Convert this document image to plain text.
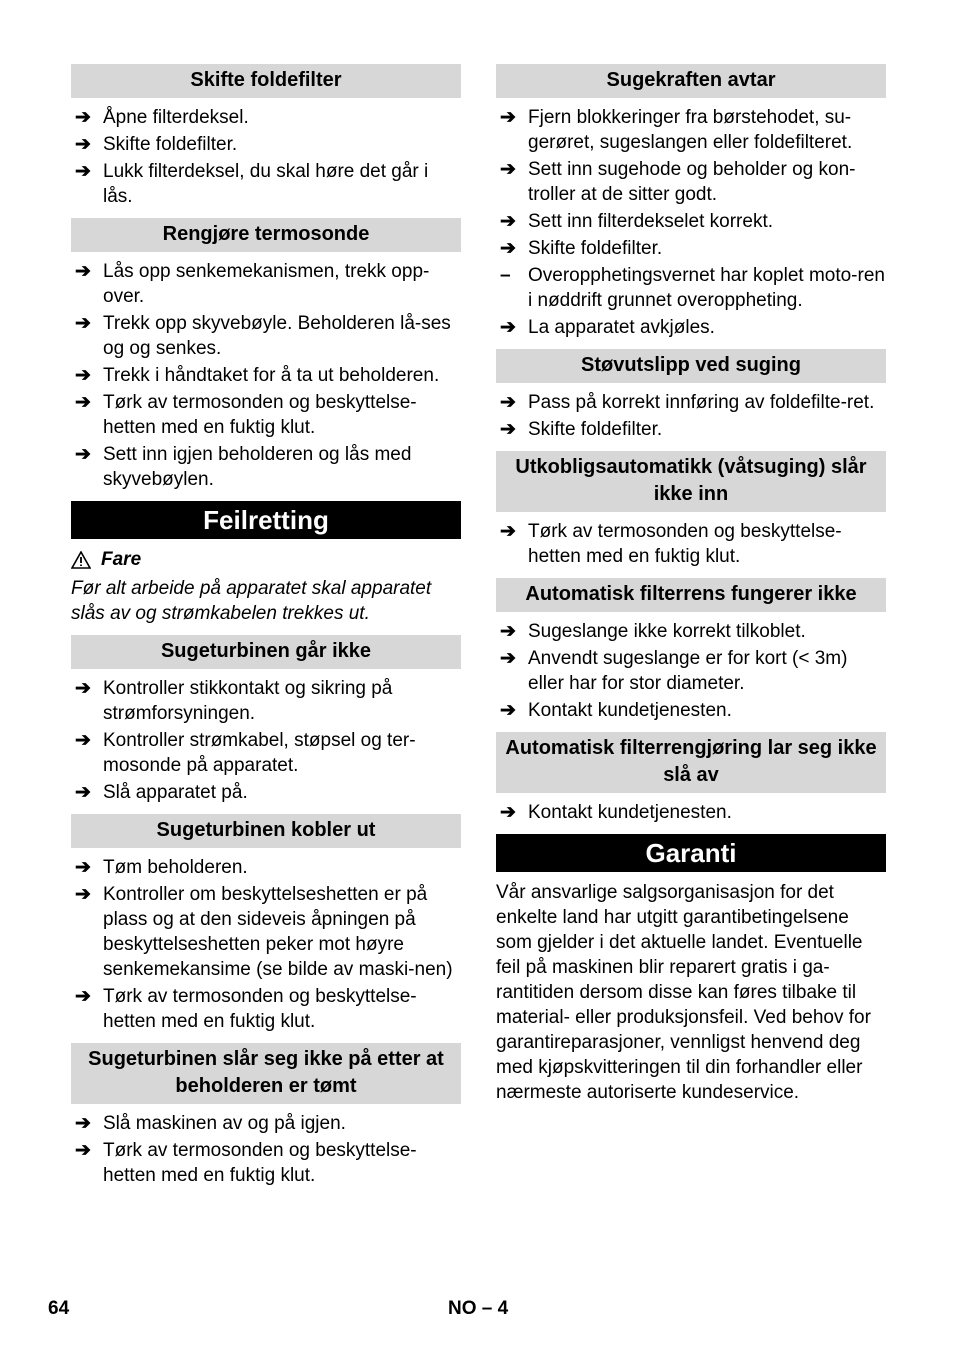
Skifte foldefilter
➔ Åpne filterdeksel.
➔ Skifte foldefilter.
➔ Lukk filterdeksel, du skal høre det går i lås.
Rengjøre termosonde
➔ Lås opp senkemekanismen, trekk opp-over.
➔ Trekk opp skyvebøyle. Beholderen lå-ses og og senkes.
➔ Trekk i håndtaket for å ta ut beholderen.
➔ Tørk av termosonden og beskyttelse-hetten med en fuktig klut.
➔ Sett inn igjen beholderen og lås med skyvebøylen.
Feilretting
Fare
Før alt arbeide på apparatet skal apparatet slås av og strømkabelen trekkes ut.
Sugeturbinen går ikke
➔ Kontroller stikkontakt og sikring på strømforsyningen.
➔ Kontroller strømkabel, støpsel og ter-mosonde på apparatet.
➔ Slå apparatet på.
Sugeturbinen kobler ut
➔ Tøm beholderen.
➔ Kontroller om beskyttelseshetten er på plass og at den sideveis åpningen på beskyttelseshetten peker mot høyre senkemekansime (se bilde av maski-nen)
➔ Tørk av termosonden og beskyttelse-hetten med en fuktig klut.
Sugeturbinen slår seg ikke på etter at beholderen er tømt
➔ Slå maskinen av og på igjen.
➔ Tørk av termosonden og beskyttelse-hetten med en fuktig klut.
Sugekraften avtar
➔ Fjern blokkeringer fra børstehodet, su-gerøret, sugeslangen eller foldefilteret.
➔ Sett inn sugehode og beholder og kon-troller at de sitter godt.
➔ Sett inn filterdekselet korrekt.
➔ Skifte foldefilter.
– Overopphetingsvernet har koplet moto-ren i nøddrift grunnet overoppheting.
➔ La apparatet avkjøles.
Støvutslipp ved suging
➔ Pass på korrekt innføring av foldefilte-ret.
➔ Skifte foldefilter.
Utkobligsautomatikk (våtsuging) slår ikke inn
➔ Tørk av termosonden og beskyttelse-hetten med en fuktig klut.
Automatisk filterrens fungerer ikke
➔ Sugeslange ikke korrekt tilkoblet.
➔ Anvendt sugeslange er for kort (< 3m) eller har for stor diameter.
➔ Kontakt kundetjenesten.
Automatisk filterrengjøring lar seg ikke slå av
➔ Kontakt kundetjenesten.
Garanti
Vår ansvarlige salgsorganisasjon for det enkelte land har utgitt garantibetingelsene som gjelder i det aktuelle landet. Eventuelle feil på maskinen blir reparert gratis i ga-rantitiden dersom disse kan føres tilbake til material- eller produksjonsfeil. Ved behov for garantireparasjoner, vennligst henvend deg med kjøpskvitteringen til din forhandler eller nærmeste autoriserte kundeservice.
64	NO – 4
